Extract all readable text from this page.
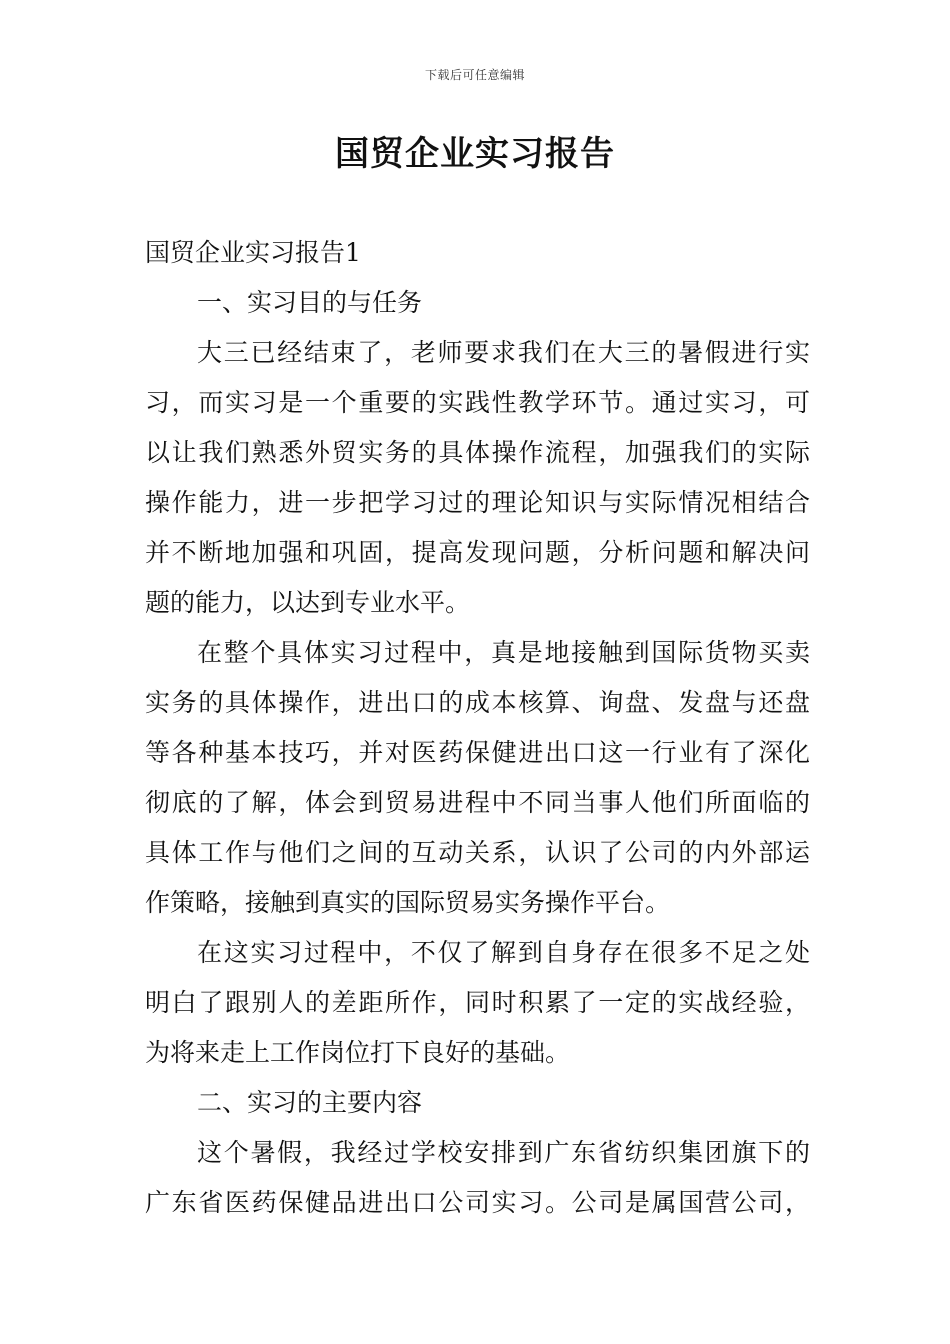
下载后可任意编辑
国贸企业实习报告
国贸企业实习报告1
一、实习目的与任务
大三已经结束了，老师要求我们在大三的暑假进行实
习，而实习是一个重要的实践性教学环节。通过实习，可
以让我们熟悉外贸实务的具体操作流程，加强我们的实际
操作能力，进一步把学习过的理论知识与实际情况相结合
并不断地加强和巩固，提高发现问题，分析问题和解决问
题的能力，以达到专业水平。
在整个具体实习过程中，真是地接触到国际货物买卖
实务的具体操作，进出口的成本核算、询盘、发盘与还盘
等各种基本技巧，并对医药保健进出口这一行业有了深化
彻底的了解，体会到贸易进程中不同当事人他们所面临的
具体工作与他们之间的互动关系，认识了公司的内外部运
作策略，接触到真实的国际贸易实务操作平台。
在这实习过程中，不仅了解到自身存在很多不足之处
明白了跟别人的差距所作，同时积累了一定的实战经验，
为将来走上工作岗位打下良好的基础。
二、实习的主要内容
这个暑假，我经过学校安排到广东省纺织集团旗下的
广东省医药保健品进出口公司实习。公司是属国营公司，
